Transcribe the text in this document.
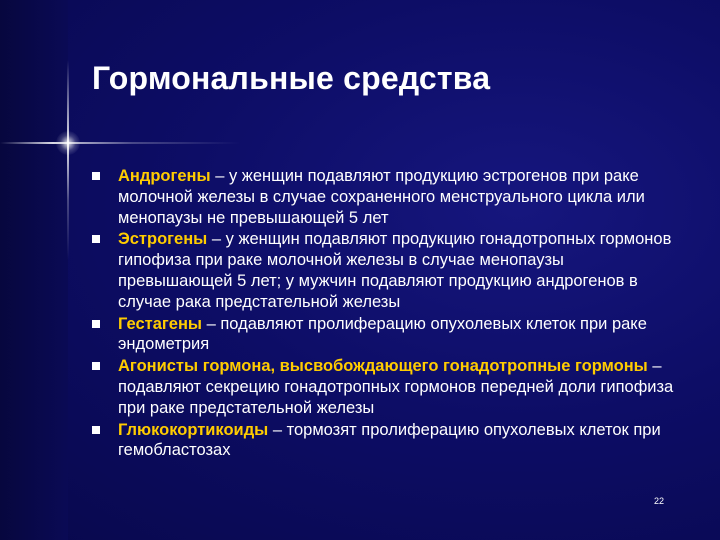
Гормональные средства
Андрогены – у женщин подавляют продукцию эстрогенов при раке молочной железы в случае сохраненного менструального цикла или менопаузы не превышающей 5 лет
Эстрогены – у женщин подавляют продукцию гонадотропных гормонов гипофиза при раке молочной железы в случае менопаузы превышающей 5 лет; у мужчин подавляют продукцию андрогенов в случае рака предстательной железы
Гестагены – подавляют пролиферацию опухолевых клеток при раке эндометрия
Агонисты гормона, высвобождающего гонадотропные гормоны – подавляют секрецию гонадотропных гормонов передней доли гипофиза при раке предстательной железы
Глюкокортикоиды – тормозят пролиферацию опухолевых клеток при гемобластозах
22
